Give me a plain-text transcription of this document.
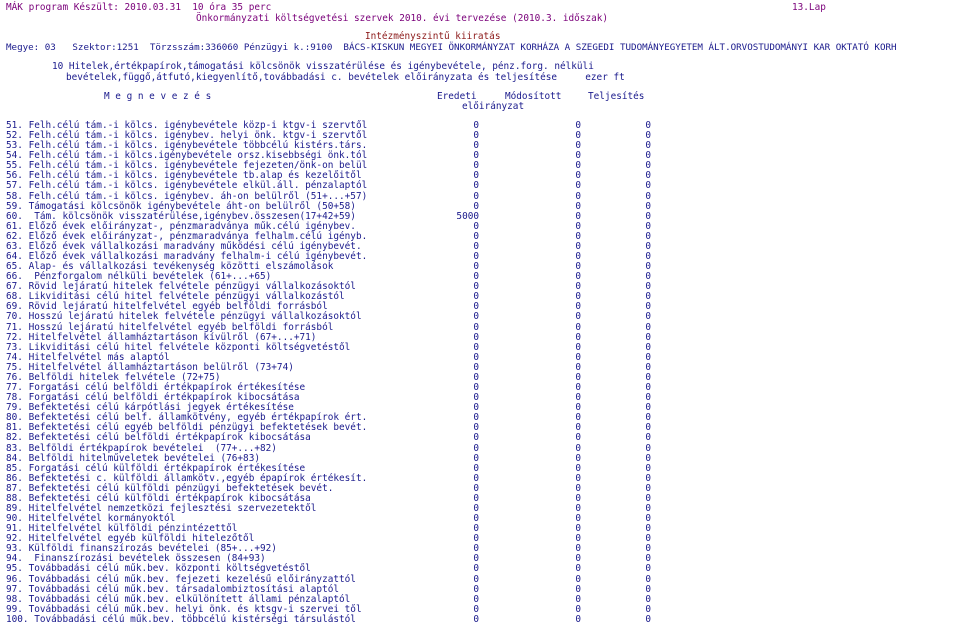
MÁK program Készült: 2010.03.31  10 óra 35 perc	13.Lap
Önkormányzati költségvetési szervek 2010. évi tervezése (2010.3. időszak)
Intézményszintű kiiratás
Megye: 03   Szektor:1251  Törzsszám:336060 Pénzügyi k.:9100  BÁCS-KISKUN MEGYEI ÖNKORMÁNYZAT KORHÁZA A SZEGEDI TUDOMÁNYEGYETEM ÁLT.ORVOSTUDOMÁNYI KAR OKTATÓ KORH
10 Hitelek,értékpapírok,támogatási kölcsönök visszatérülése és igénybevétele, pénz.forg. nélküli
bevételek,függő,átfutó,kiegyenlítő,továbbadási c. bevételek előirányzata és teljesítése     ezer ft
M e g n e v e z é s	Eredeti
előirányzat
Módosított	Teljesítés
51. Felh.célú tám.-i kölcs. igénybevétele közp-i ktgv-i szervtől	0	0	0
52. Felh.célú tám.-i kölcs. igénybev. helyi önk. ktgv-i szervtől	0	0	0
53. Felh.célú tám.-i kölcs. igénybevétele többcélú kistérs.társ.	0	0	0
54. Felh.célú tám.-i kölcs.igénybevétele orsz.kisebbségi önk.tól	0	0	0
55. Felh.célú tám.-i kölcs. igénybevétele fejezeten/önk-on belül	0	0	0
56. Felh.célú tám.-i kölcs. igénybevétele tb.alap és kezelőitől	0	0	0
57. Felh.célú tám.-i kölcs. igénybevétele elkül.áll. pénzalaptól	0	0	0
58. Felh.célú tám.-i kölcs. igénybev. áh-on belülről (51+...+57)	0	0	0
59. Támogatási kölcsönök igénybevétele áht-on belülről (50+58)	0	0	0
60.  Tám. kölcsönök visszatérülése,igénybev.összesen(17+42+59)	5000	0	0
61. Előző évek előirányzat-, pénzmaradványa műk.célú igénybev.	0	0	0
62. Előző évek előirányzat-, pénzmaradványa felhalm.célú igényb.	0	0	0
63. Előző évek vállalkozási maradvány működési célú igénybevét.	0	0	0
64. Előző évek vállalkozási maradvány felhalm-i célú igénybevét.	0	0	0
65. Alap- és vállalkozási tevékenység közötti elszámolások	0	0	0
66.  Pénzforgalom nélküli bevételek (61+...+65)	0	0	0
67. Rövid lejáratú hitelek felvétele pénzügyi vállalkozásoktól	0	0	0
68. Likviditási célú hitel felvétele pénzügyi vállalkozástól	0	0	0
69. Rövid lejáratú hitelfelvétel egyéb belföldi forrásból	0	0	0
70. Hosszú lejáratú hitelek felvétele pénzügyi vállalkozásoktól	0	0	0
71. Hosszú lejáratú hitelfelvétel egyéb belföldi forrásból	0	0	0
72. Hitelfelvétel államháztartáson kívülről (67+...+71)	0	0	0
73. Likviditási célú hitel felvétele központi költségvetéstől	0	0	0
74. Hitelfelvétel más alaptól	0	0	0
75. Hitelfelvétel államháztartáson belülről (73+74)	0	0	0
76. Belföldi hitelek felvétele (72+75)	0	0	0
77. Forgatási célú belföldi értékpapírok értékesítése	0	0	0
78. Forgatási célú belföldi értékpapírok kibocsátása	0	0	0
79. Befektetési célú kárpótlási jegyek értékesítése	0	0	0
80. Befektetési célú belf. államkötvény, egyéb értékpapírok ért.	0	0	0
81. Befektetési célú egyéb belföldi pénzügyi befektetések bevét.	0	0	0
82. Befektetési célú belföldi értékpapírok kibocsátása	0	0	0
83. Belföldi értékpapírok bevételei  (77+...+82)	0	0	0
84. Belföldi hitelműveletek bevételei (76+83)	0	0	0
85. Forgatási célú külföldi értékpapírok értékesítése	0	0	0
86. Befektetési c. külföldi államkötv.,egyéb épapírok értékesít.	0	0	0
87. Befektetési célú külföldi pénzügyi befektetések bevét.	0	0	0
88. Befektetési célú külföldi értékpapírok kibocsátása	0	0	0
89. Hitelfelvétel nemzetközi fejlesztési szervezetektől	0	0	0
90. Hitelfelvétel kormányoktól	0	0	0
91. Hitelfelvétel külföldi pénzintézettől	0	0	0
92. Hitelfelvétel egyéb külföldi hitelezőtől	0	0	0
93. Külföldi finanszírozás bevételei (85+...+92)	0	0	0
94.  Finanszírozási bevételek összesen (84+93)	0	0	0
95. Továbbadási célú műk.bev. központi költségvetéstől	0	0	0
96. Továbbadási célú műk.bev. fejezeti kezelésű előirányzattól	0	0	0
97. Továbbadási célú műk.bev. társadalombiztosítási alaptól	0	0	0
98. Továbbadási célú műk.bev. elkülönített állami pénzalaptól	0	0	0
99. Továbbadási célú műk.bev. helyi önk. és ktsgv-i szervei től	0	0	0
100. Továbbadási célú műk.bev. többcélú kistérségi társulástól	0	0	0
